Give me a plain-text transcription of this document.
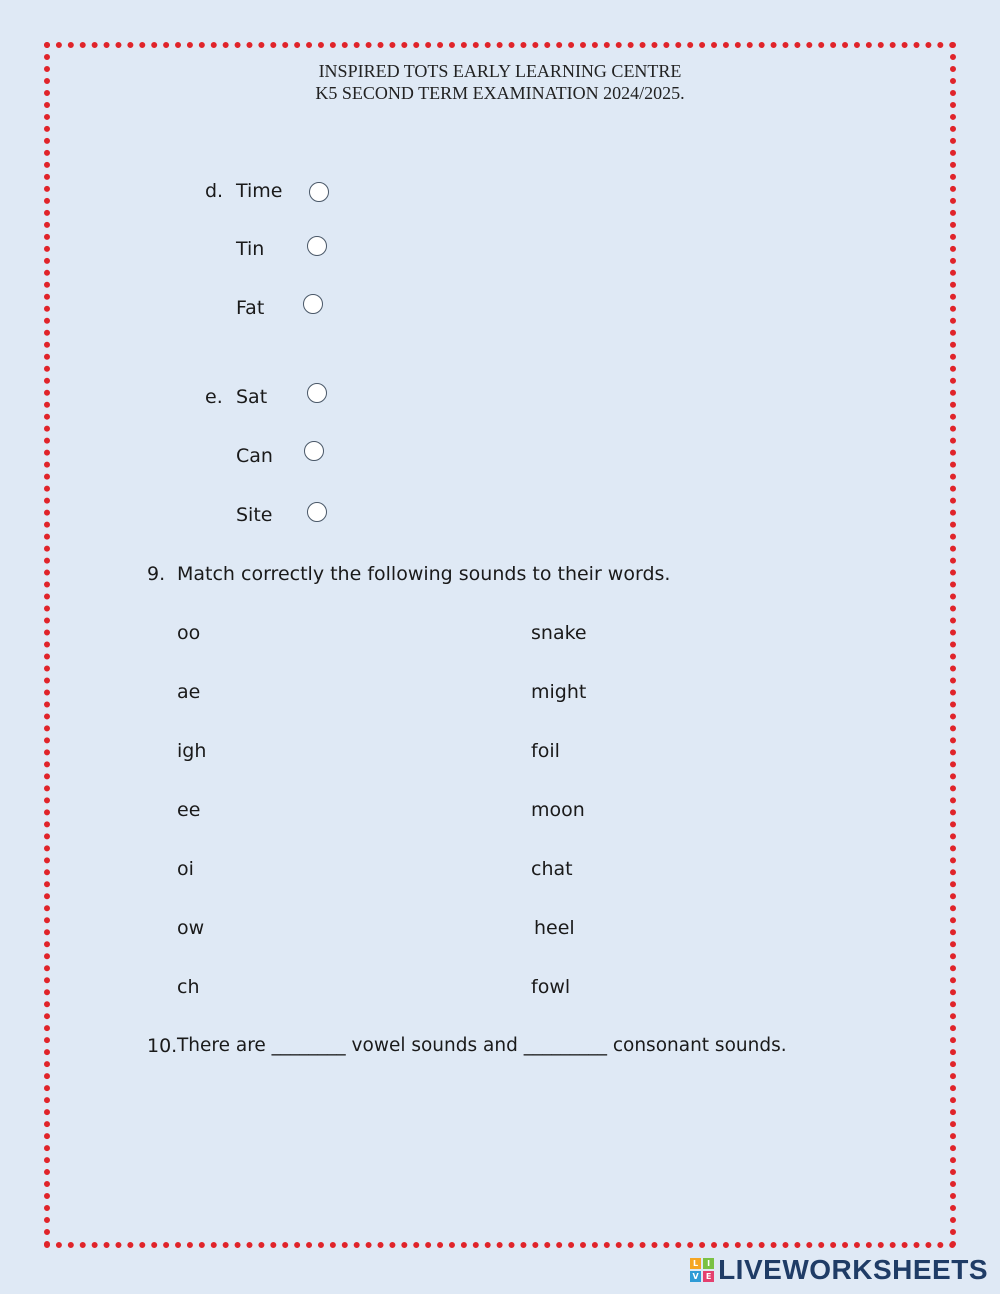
INSPIRED TOTS EARLY LEARNING CENTRE
K5 SECOND TERM EXAMINATION 2024/2025.
d. Time
Tin
Fat
e. Sat
Can
Site
9. Match correctly the following sounds to their words.
oo	snake
ae	might
igh	foil
ee	moon
oi	chat
ow	heel
ch	fowl
10. There are ________ vowel sounds and _________ consonant sounds.
L	I
V E LIVEWORKSHEETS
